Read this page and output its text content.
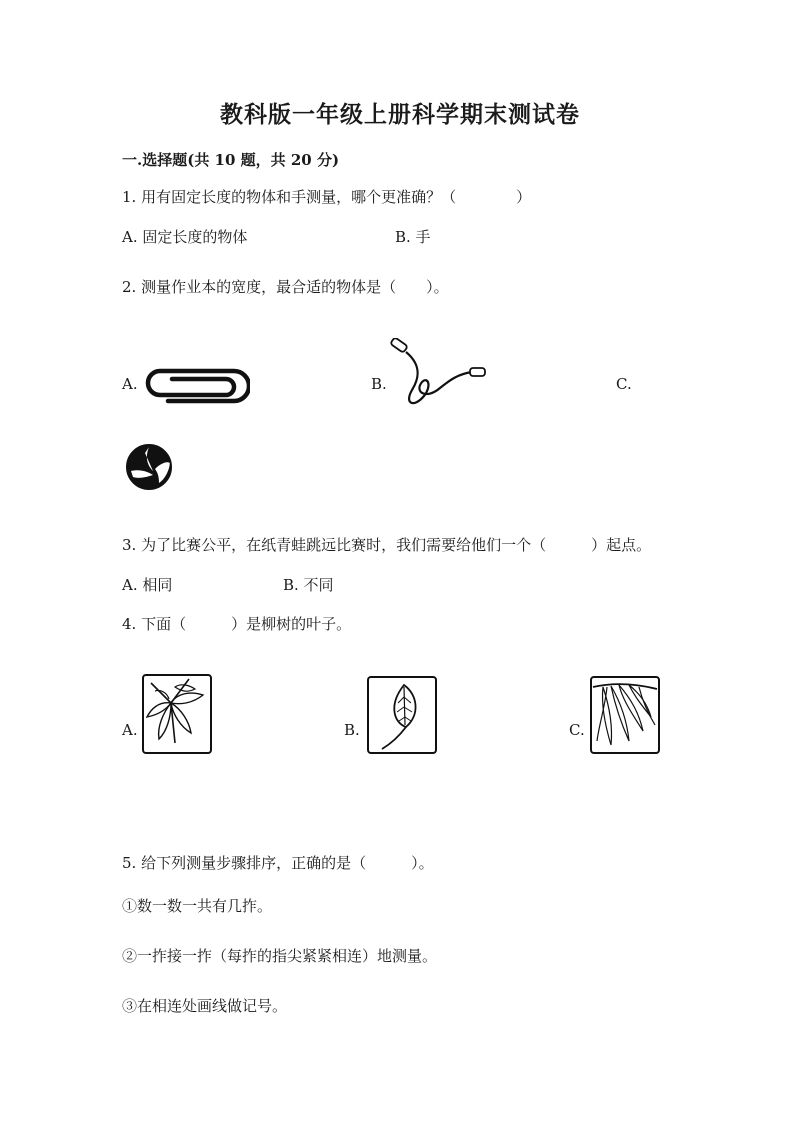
教科版一年级上册科学期末测试卷
一.选择题(共 10 题，共 20 分)
1. 用有固定长度的物体和手测量，哪个更准确？（　　　　）
A. 固定长度的物体	B. 手
2. 测量作业本的宽度，最合适的物体是（　　）。
A.	B.	C.
3. 为了比赛公平，在纸青蛙跳远比赛时，我们需要给他们一个（　　　）起点。
A. 相同	B. 不同
4. 下面（　　　）是柳树的叶子。
A.	B.	C.
5. 给下列测量步骤排序，正确的是（　　　）。
①数一数一共有几拃。
②一拃接一拃（每拃的指尖紧紧相连）地测量。
③在相连处画线做记号。
